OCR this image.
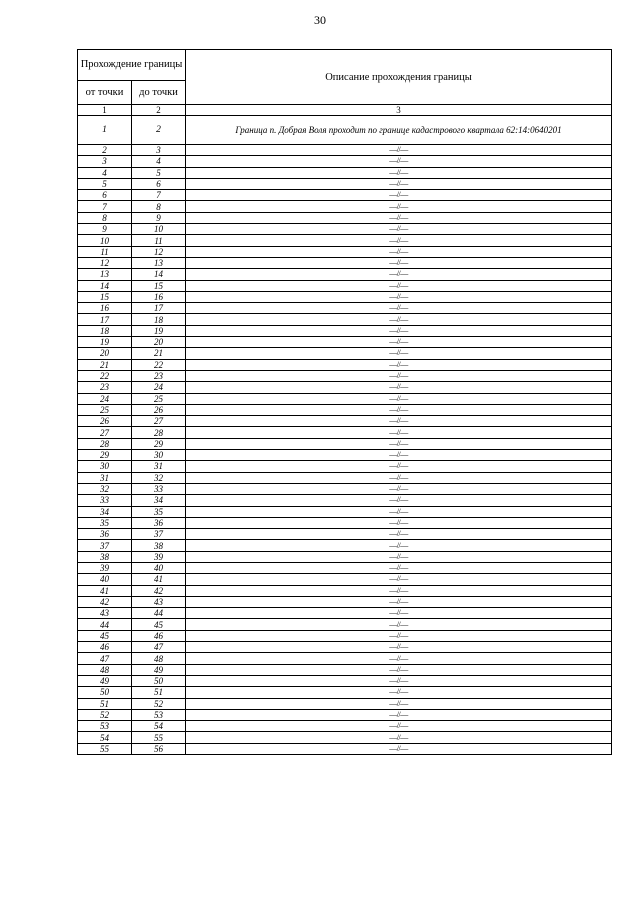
30
Прохождение границы		Описание прохождения границы
от точки	до точки	
1	2	3
1	2	Граница п. Добрая Воля проходит по границе кадастрового квартала 62:14:0640201
2	3	—//—
3	4	—//—
4	5	—//—
5	6	—//—
6	7	—//—
7	8	—//—
8	9	—//—
9	10	—//—
10	11	—//—
11	12	—//—
12	13	—//—
13	14	—//—
14	15	—//—
15	16	—//—
16	17	—//—
17	18	—//—
18	19	—//—
19	20	—//—
20	21	—//—
21	22	—//—
22	23	—//—
23	24	—//—
24	25	—//—
25	26	—//—
26	27	—//—
27	28	—//—
28	29	—//—
29	30	—//—
30	31	—//—
31	32	—//—
32	33	—//—
33	34	—//—
34	35	—//—
35	36	—//—
36	37	—//—
37	38	—//—
38	39	—//—
39	40	—//—
40	41	—//—
41	42	—//—
42	43	—//—
43	44	—//—
44	45	—//—
45	46	—//—
46	47	—//—
47	48	—//—
48	49	—//—
49	50	—//—
50	51	—//—
51	52	—//—
52	53	—//—
53	54	—//—
54	55	—//—
55	56	—//—
